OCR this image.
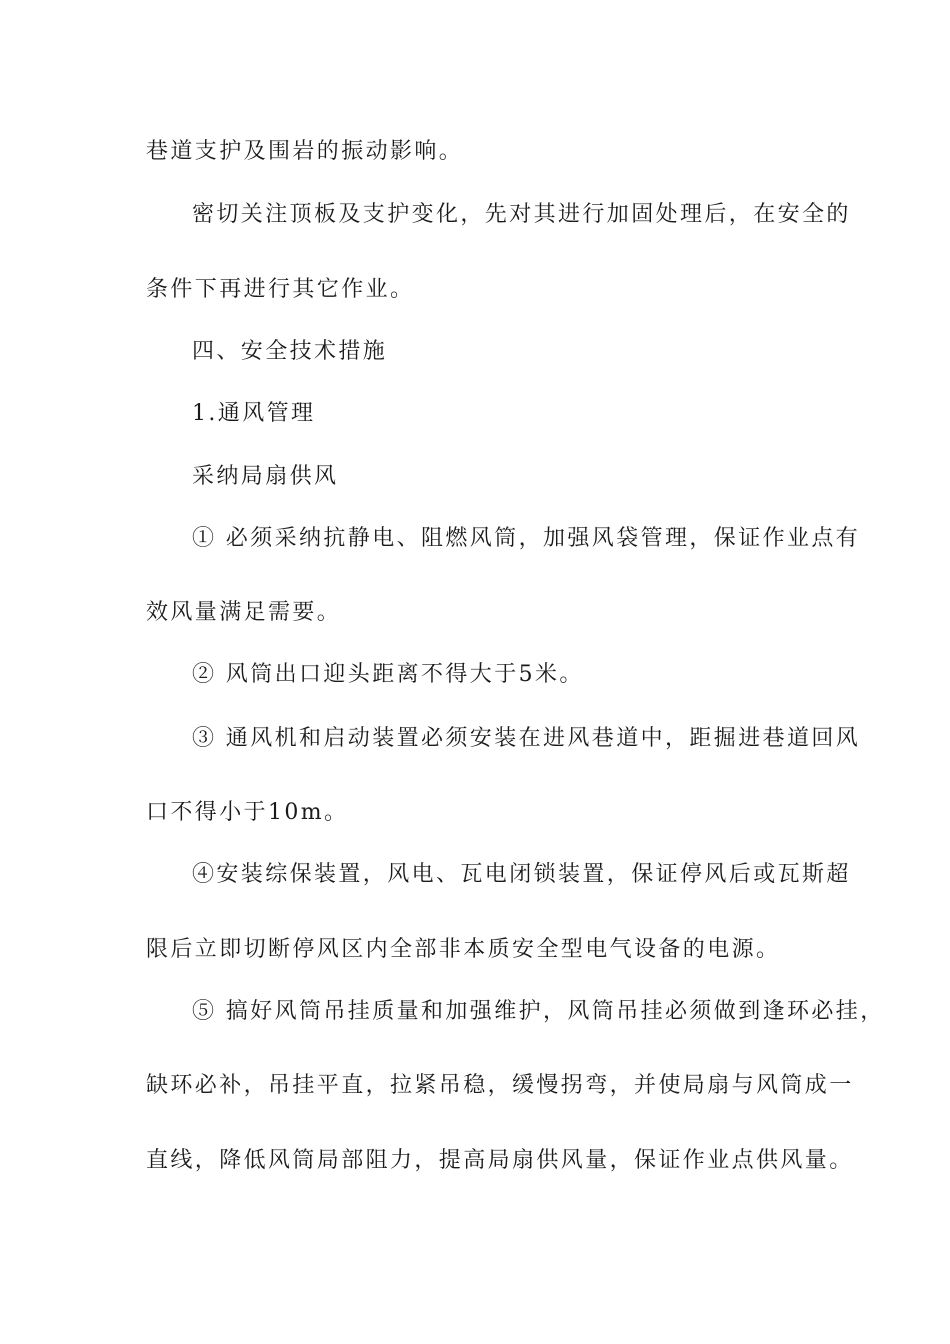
巷道支护及围岩的振动影响。
密切关注顶板及支护变化，先对其进行加固处理后，在安全的
条件下再进行其它作业。
四、安全技术措施
1.通风管理
采纳局扇供风
① 必须采纳抗静电、阻燃风筒，加强风袋管理，保证作业点有
效风量满足需要。
② 风筒出口迎头距离不得大于5米。
③ 通风机和启动装置必须安装在进风巷道中，距掘进巷道回风
口不得小于10m。
④安装综保装置，风电、瓦电闭锁装置，保证停风后或瓦斯超
限后立即切断停风区内全部非本质安全型电气设备的电源。
⑤ 搞好风筒吊挂质量和加强维护，风筒吊挂必须做到逢环必挂，
缺环必补，吊挂平直，拉紧吊稳，缓慢拐弯，并使局扇与风筒成一
直线，降低风筒局部阻力，提高局扇供风量，保证作业点供风量。
